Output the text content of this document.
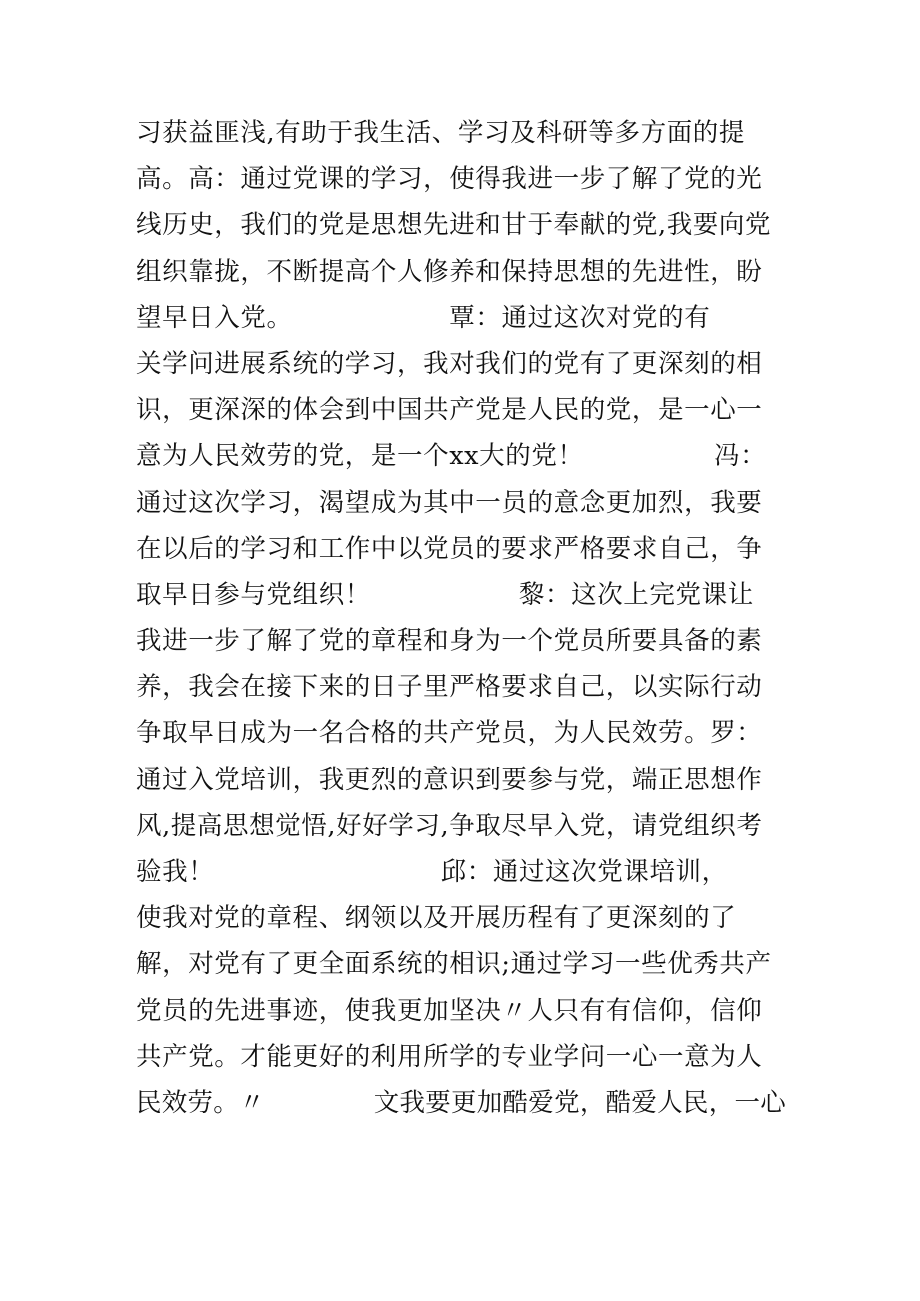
习获益匪浅,有助于我生活、学习及科研等多方面的提
高。高：通过党课的学习，使得我进一步了解了党的光
线历史，我们的党是思想先进和甘于奉献的党,我要向党
组织靠拢，不断提高个人修养和保持思想的先进性，盼
望早日入党。                  覃：通过这次对党的有
关学问进展系统的学习，我对我们的党有了更深刻的相
识，更深深的体会到中国共产党是人民的党，是一心一
意为人民效劳的党，是一个xx大的党！               冯：
通过这次学习，渴望成为其中一员的意念更加烈，我要
在以后的学习和工作中以党员的要求严格要求自己，争
取早日参与党组织！                 黎：这次上完党课让
我进一步了解了党的章程和身为一个党员所要具备的素
养，我会在接下来的日子里严格要求自己，以实际行动
争取早日成为一名合格的共产党员，为人民效劳。罗：
通过入党培训，我更烈的意识到要参与党，端正思想作
风,提高思想觉悟,好好学习,争取尽早入党，请党组织考
验我！                          邱：通过这次党课培训，
使我对党的章程、纲领以及开展历程有了更深刻的了
解，对党有了更全面系统的相识;通过学习一些优秀共产
党员的先进事迹，使我更加坚决〃人只有有信仰，信仰
共产党。才能更好的利用所学的专业学问一心一意为人
民效劳。〃             文我要更加酷爱党，酷爱人民，一心
